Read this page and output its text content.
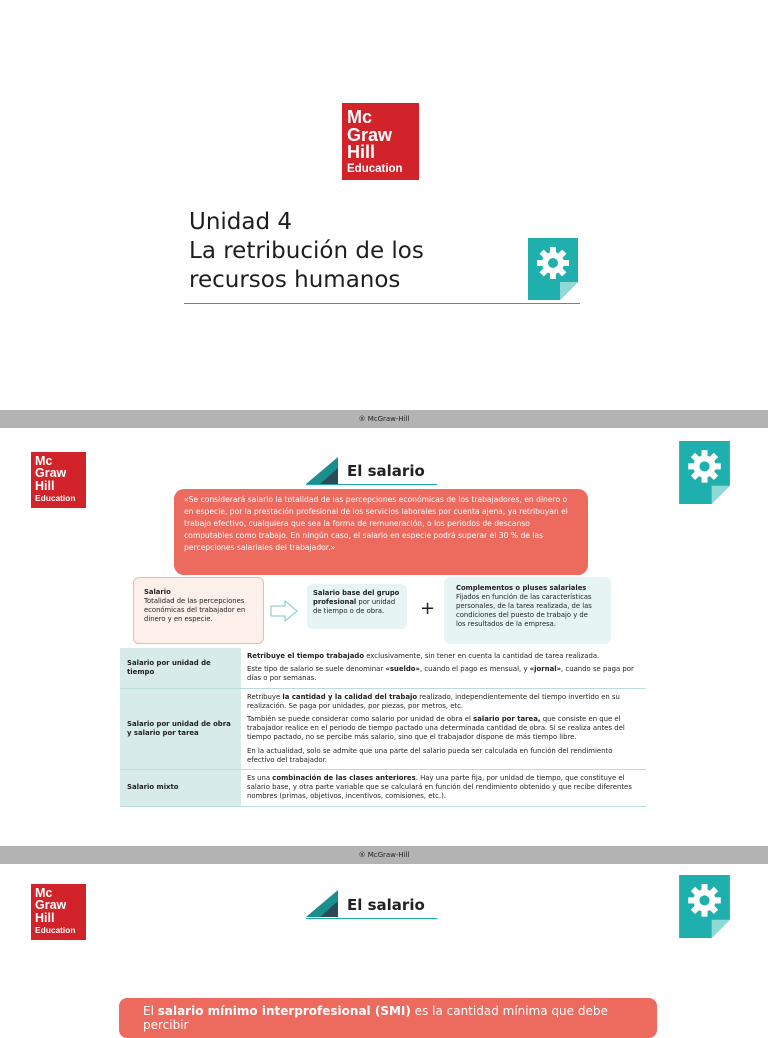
Mc
Graw
Hill
Education
Unidad 4
La retribución de los
recursos humanos
® McGraw-Hill
Mc
Graw
Hill
Education
El salario
«Se considerará salario la totalidad de las percepciones económicas de los trabajadores, en dinero o en especie, por la prestación profesional de los servicios laborales por cuenta ajena, ya retribuyan el trabajo efectivo, cualquiera que sea la forma de remuneración, o los periodos de descanso computables como trabajo. En ningún caso, el salario en especie podrá superar el 30 % de las percepciones salariales del trabajador.»
Salario
Totalidad de las percepciones económicas del trabajador en dinero y en especie.
Salario base del grupo profesional por unidad de tiempo o de obra.	+
Complementos o pluses salariales
Fijados en función de las características personales, de la tarea realizada, de las condiciones del puesto de trabajo y de los resultados de la empresa.
Salario por unidad de tiempo	Retribuye el tiempo trabajado exclusivamente, sin tener en cuenta la cantidad de tarea realizada.

Este tipo de salario se suele denominar «sueldo», cuando el pago es mensual, y «jornal», cuando se paga por días o por semanas.

Salario por unidad de obra y salario por tarea	Retribuye la cantidad y la calidad del trabajo realizado, independientemente del tiempo invertido en su realización. Se paga por unidades, por piezas, por metros, etc.

También se puede considerar como salario por unidad de obra el salario por tarea, que consiste en que el trabajador realice en el periodo de tiempo pactado una determinada cantidad de obra. Si se realiza antes del tiempo pactado, no se percibe más salario, sino que el trabajador dispone de más tiempo libre.

En la actualidad, solo se admite que una parte del salario pueda ser calculada en función del rendimiento efectivo del trabajador.

Salario mixto	Es una combinación de las clases anteriores. Hay una parte fija, por unidad de tiempo, que constituye el salario base, y otra parte variable que se calculará en función del rendimiento obtenido y que recibe diferentes nombres (primas, objetivos, incentivos, comisiones, etc.).

® McGraw-Hill
Mc
Graw
Hill
Education
El salario
El salario mínimo interprofesional (SMI) es la cantidad mínima que debe percibir
